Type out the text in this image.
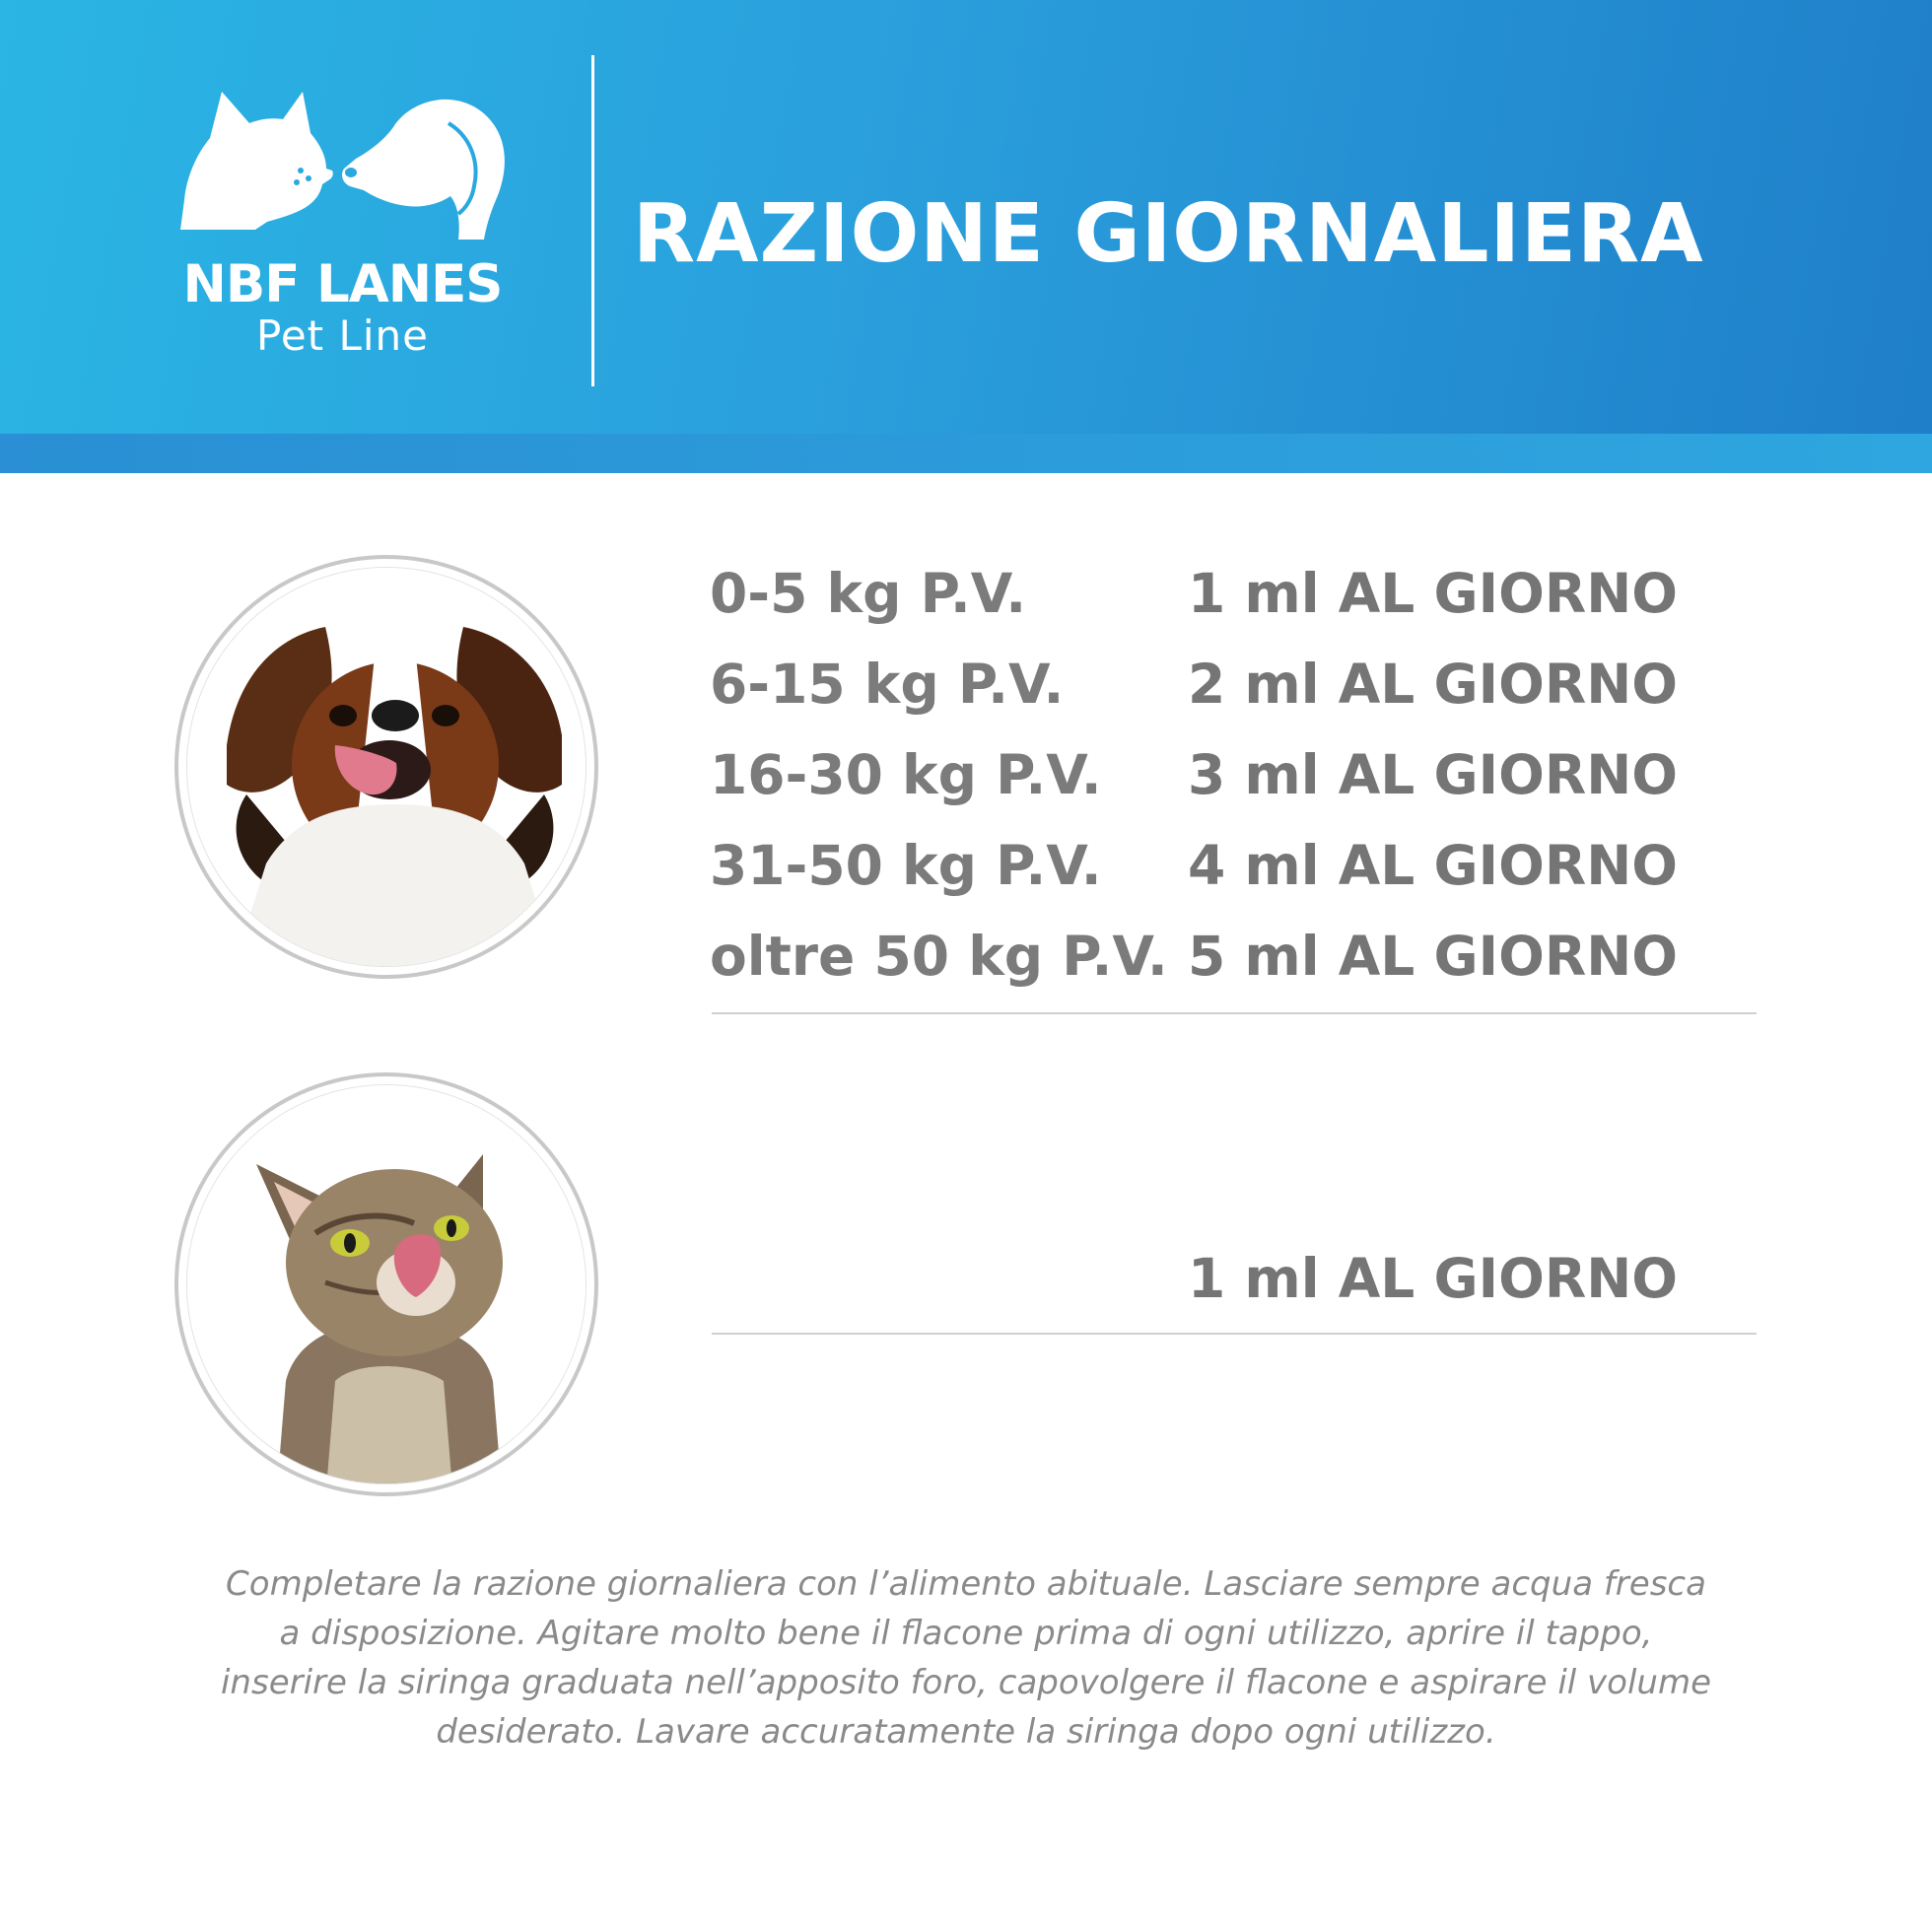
NBF LANES
Pet Line
RAZIONE GIORNALIERA
0-5 kg P.V.	1 ml AL GIORNO
6-15 kg P.V. 2 ml AL GIORNO
16-30 kg P.V. 3 ml AL GIORNO
31-50 kg P.V. 4 ml AL GIORNO
oltre 50 kg P.V. 5 ml AL GIORNO
1 ml AL GIORNO
Completare la razione giornaliera con l’alimento abituale. Lasciare sempre acqua fresca
a disposizione. Agitare molto bene il flacone prima di ogni utilizzo, aprire il tappo,
inserire la siringa graduata nell’apposito foro, capovolgere il flacone e aspirare il volume
desiderato. Lavare accuratamente la siringa dopo ogni utilizzo.
